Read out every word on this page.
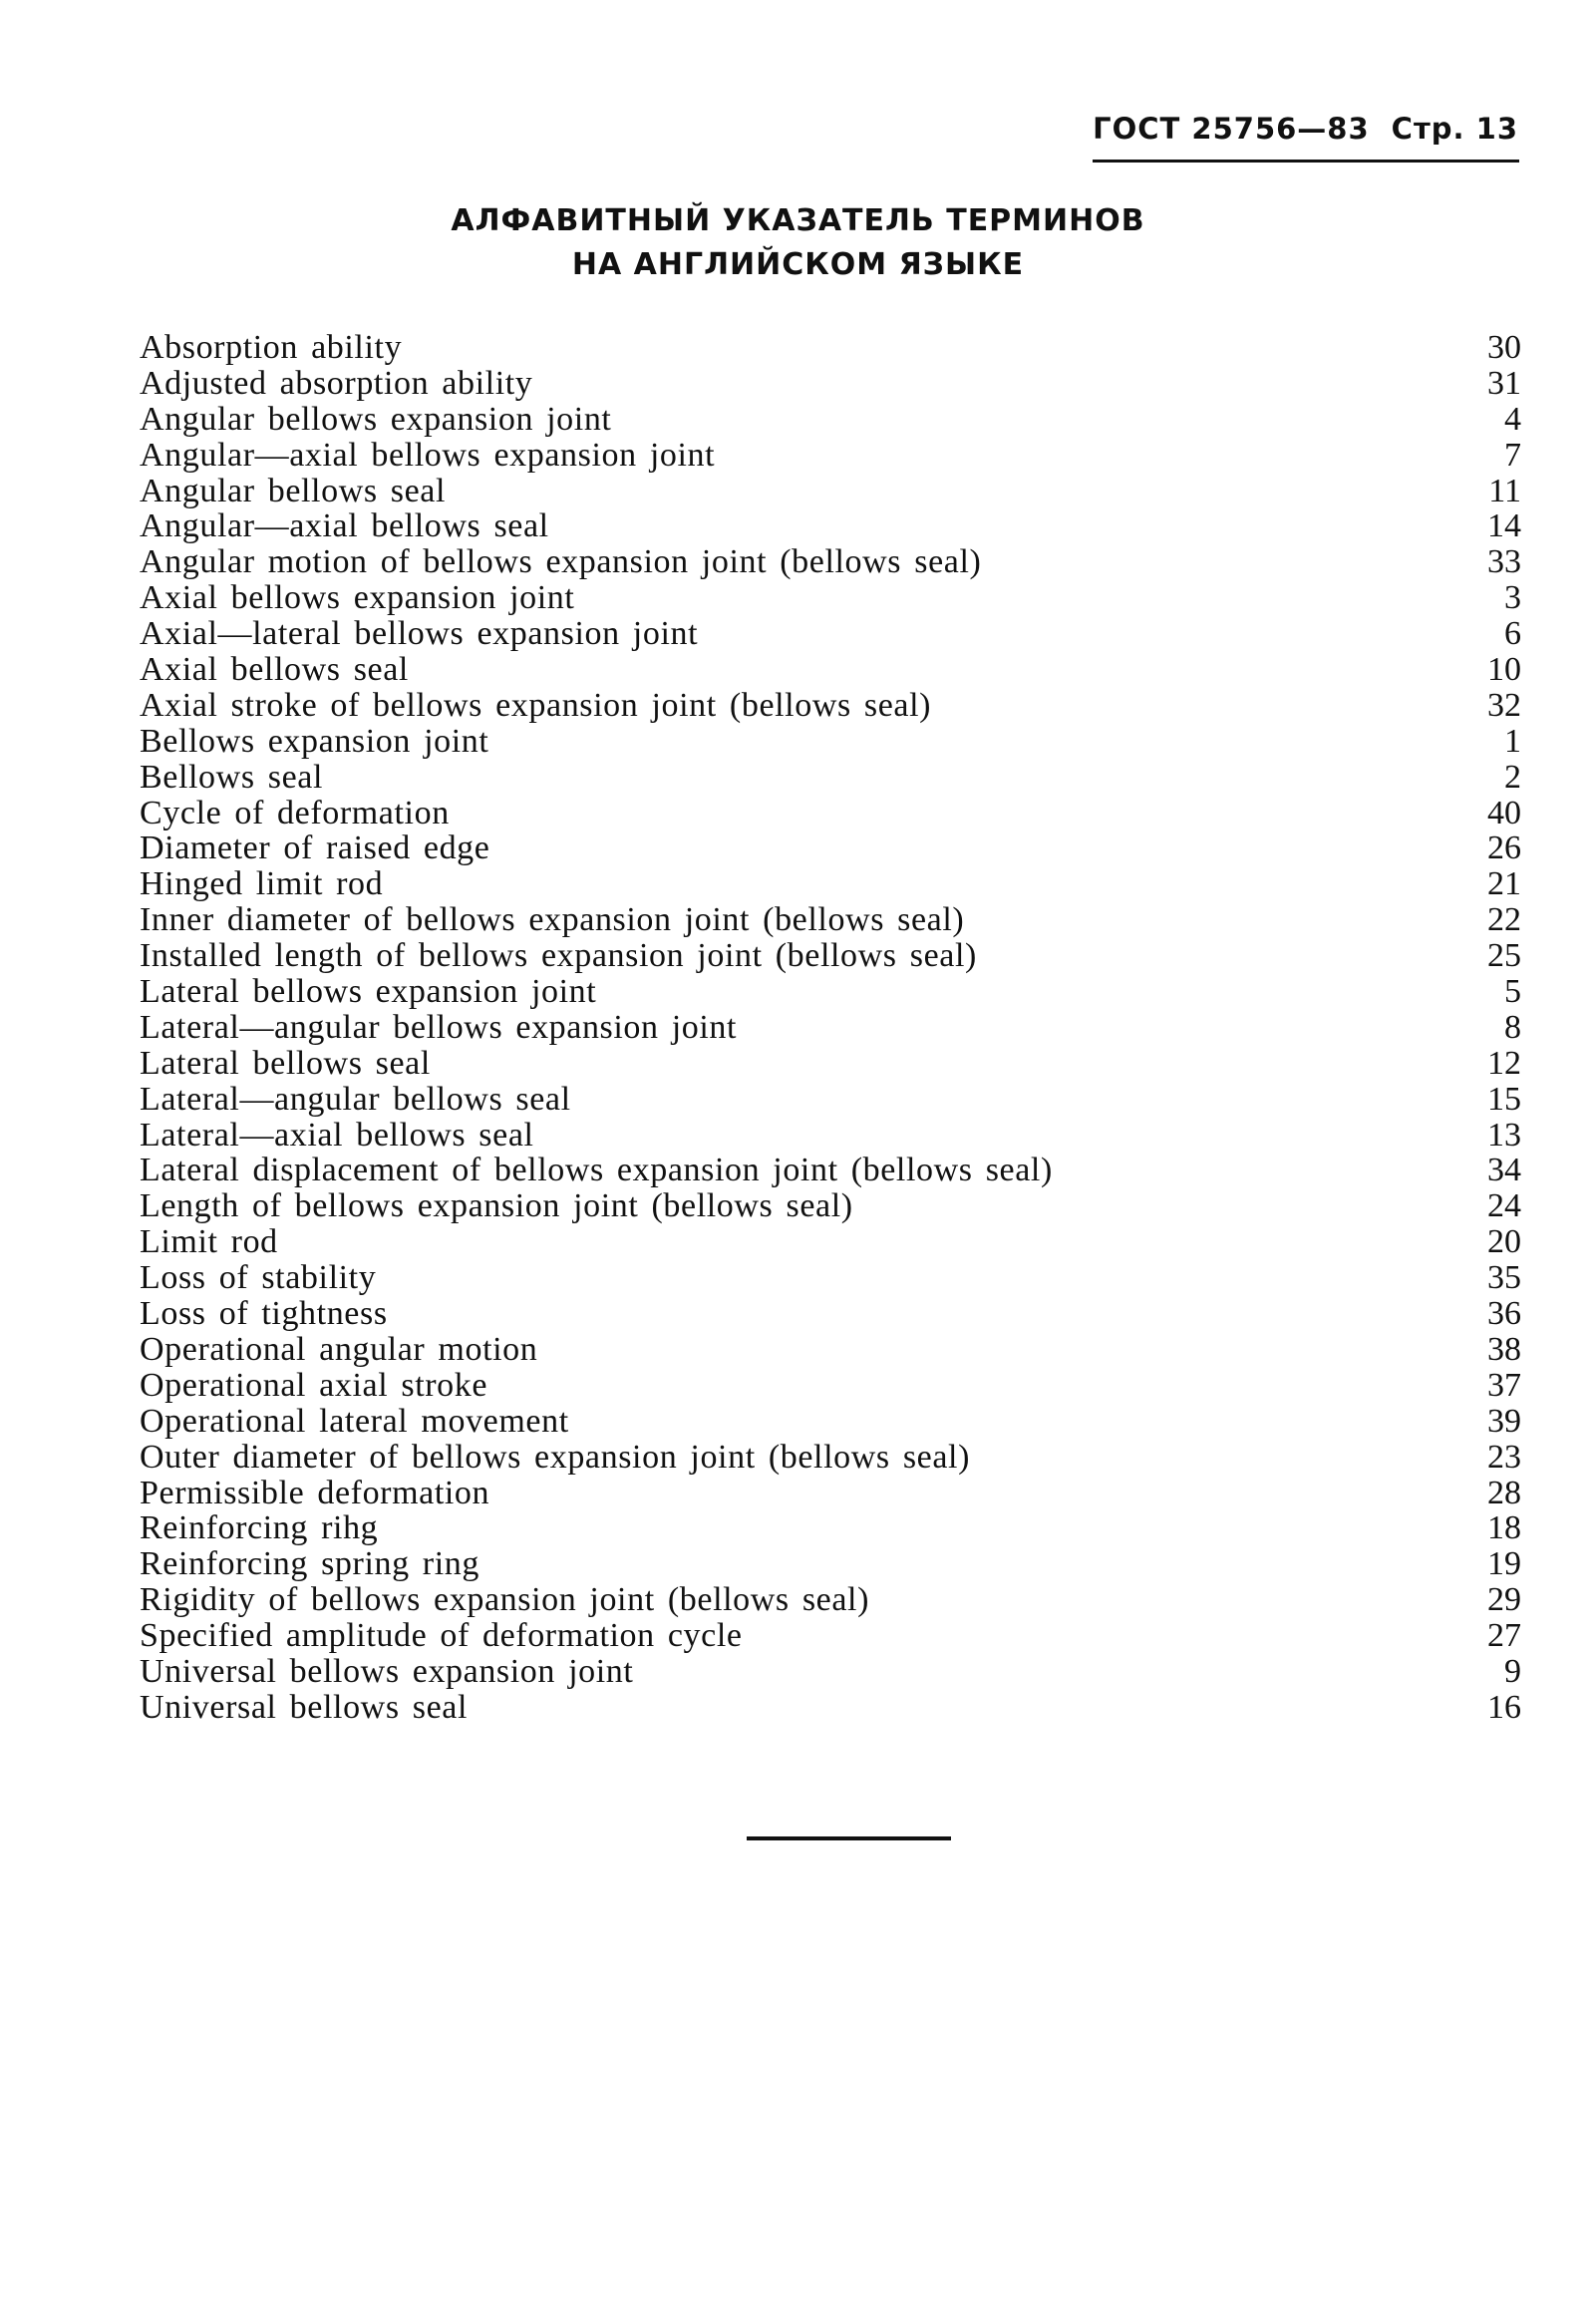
ГОСТ 25756—83 Стр. 13
АЛФАВИТНЫЙ УКАЗАТЕЛЬ ТЕРМИНОВ
НА АНГЛИЙСКОМ ЯЗЫКЕ
Absorption ability	30
Adjusted absorption ability	31
Angular bellows expansion joint	4
Angular—axial bellows expansion joint	7
Angular bellows seal	11
Angular—axial bellows seal	14
Angular motion of bellows expansion joint (bellows seal)	33
Axial bellows expansion joint	3
Axial—lateral bellows expansion joint	6
Axial bellows seal	10
Axial stroke of bellows expansion joint (bellows seal)	32
Bellows expansion joint	1
Bellows seal	2
Cycle of deformation	40
Diameter of raised edge	26
Hinged limit rod	21
Inner diameter of bellows expansion joint (bellows seal)	22
Installed length of bellows expansion joint (bellows seal)	25
Lateral bellows expansion joint	5
Lateral—angular bellows expansion joint	8
Lateral bellows seal	12
Lateral—angular bellows seal	15
Lateral—axial bellows seal	13
Lateral displacement of bellows expansion joint (bellows seal)	34
Length of bellows expansion joint (bellows seal)	24
Limit rod	20
Loss of stability	35
Loss of tightness	36
Operational angular motion	38
Operational axial stroke	37
Operational lateral movement	39
Outer diameter of bellows expansion joint (bellows seal)	23
Permissible deformation	28
Reinforcing rihg	18
Reinforcing spring ring	19
Rigidity of bellows expansion joint (bellows seal)	29
Specified amplitude of deformation cycle	27
Universal bellows expansion joint	9
Universal bellows seal	16
